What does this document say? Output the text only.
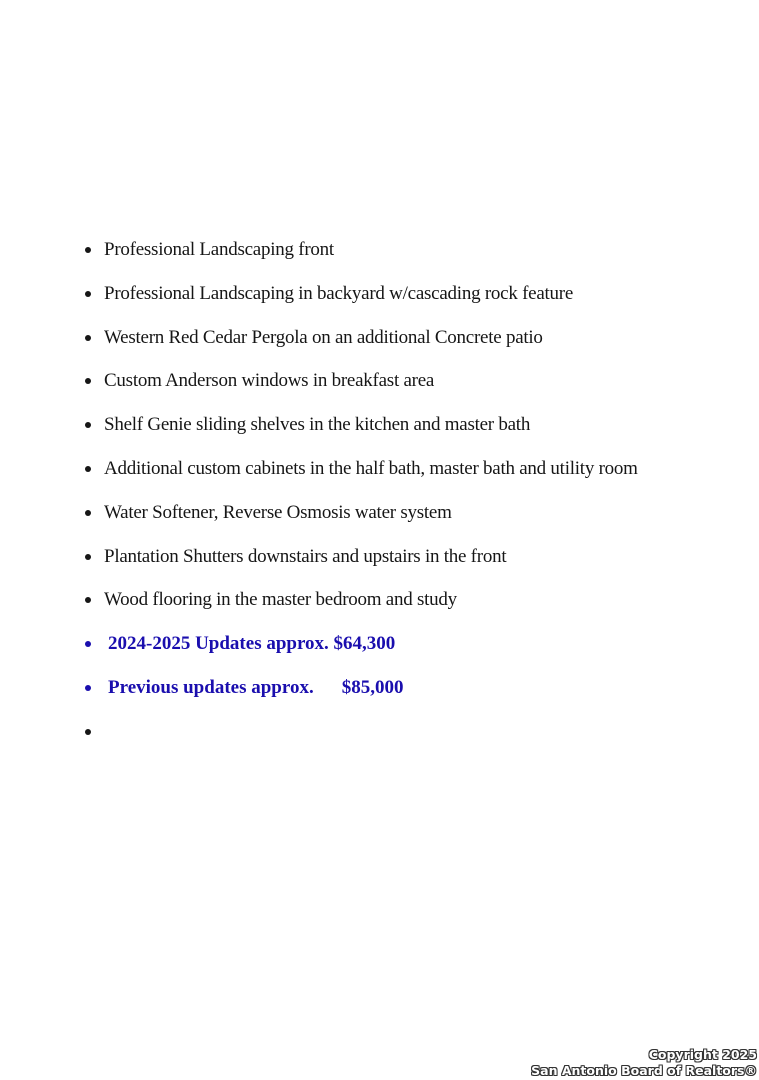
Professional Landscaping front
Professional Landscaping in backyard w/cascading rock feature
Western Red Cedar Pergola on an additional Concrete patio
Custom Anderson windows in breakfast area
Shelf Genie sliding shelves in the kitchen and master bath
Additional custom cabinets in the half bath, master bath and utility room
Water Softener, Reverse Osmosis water system
Plantation Shutters downstairs and upstairs in the front
Wood flooring in the master bedroom and study
2024-2025 Updates approx. $64,300
Previous updates approx. $85,000
Copyright 2025
San Antonio Board of Realtors®
